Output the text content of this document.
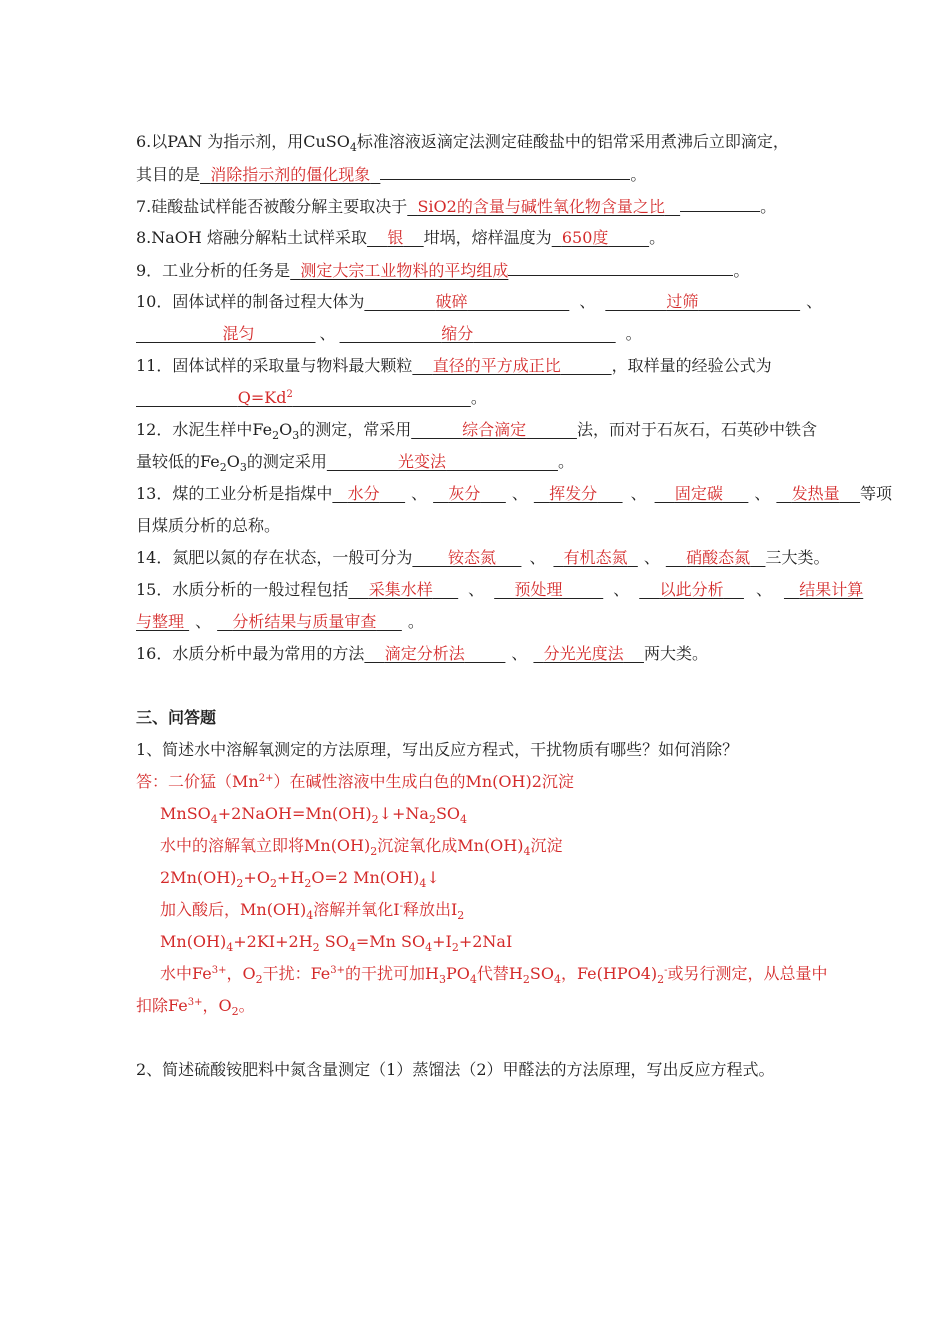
6.以PAN 为指示剂，用CuSO$_4$标准溶液返滴定法测定硅酸盐中的铝常采用煮沸后立即滴定，
其目的是 消除指示剂的僵化现象	。
7.硅酸盐试样能否被酸分解主要取决于 SiO2的含量与碱性氧化物含量之比	。
8.NaOH 熔融分解粘土试样采取 银 坩埚，熔样温度为 650度	。
9．工业分析的任务是 测定大宗工业物料的平均组成	。
10．固体试样的制备过程大体为	破碎	、	过筛	、
混匀	、	缩分	。
11．固体试样的采取量与物料最大颗粒 直径的平方成正比	，取样量的经验公式为
$Q=Kd^2$	。
12．水泥生样中$Fe_2O_3$的测定，常采用	综合滴定	法，而对于石灰石，石英砂中铁含
量较低的$Fe_2O_3$的测定采用	光变法	。
13．煤的工业分析是指煤中 水分 、 灰分 、 挥发分 、 固定碳 、 发热量 等项
目煤质分析的总称。
14．氮肥以氮的存在状态，一般可分为 铵态氮 、 有机态氮 、 硝酸态氮 三大类。
15．水质分析的一般过程包括 采集水样 、 预处理	、 以此分析 、 结果计算
与整理 、 分析结果与质量审查 。
16．水质分析中最为常用的方法 滴定分析法	、 分光光度法 两大类。
三、问答题
1、简述水中溶解氧测定的方法原理，写出反应方程式，干扰物质有哪些？如何消除？
答：二价猛$(Mn^{2+})$在碱性溶液中生成白色的Mn(OH)2沉淀
$MnSO_4+2NaOH=Mn(OH)_2↓+Na_2SO_4$
水中的溶解氧立即将$Mn(OH)_2$沉淀氧化成$Mn(OH)_4$沉淀
$2Mn(OH)_2+O_2+H_2O=2$ $Mn(OH)_4↓$
加入酸后，$Mn(OH)_4$溶解并氧化I-释放出$I_2$
$Mn(OH)_4+2KI+2H_2$ $SO_4=Mn$ $SO_4+I_2+2NaI$
水中$Fe^{3+}$，$O_2$干扰：$Fe^{3+}$的干扰可加$H_3PO_4$代替$H_2SO_4$，$Fe(HPO4)_2^-$或另行测定，从总量中
扣除$Fe^{3+}$，$O_2$。
2、简述硫酸铵肥料中氮含量测定（1）蒸馏法（2）甲醛法的方法原理，写出反应方程式。
